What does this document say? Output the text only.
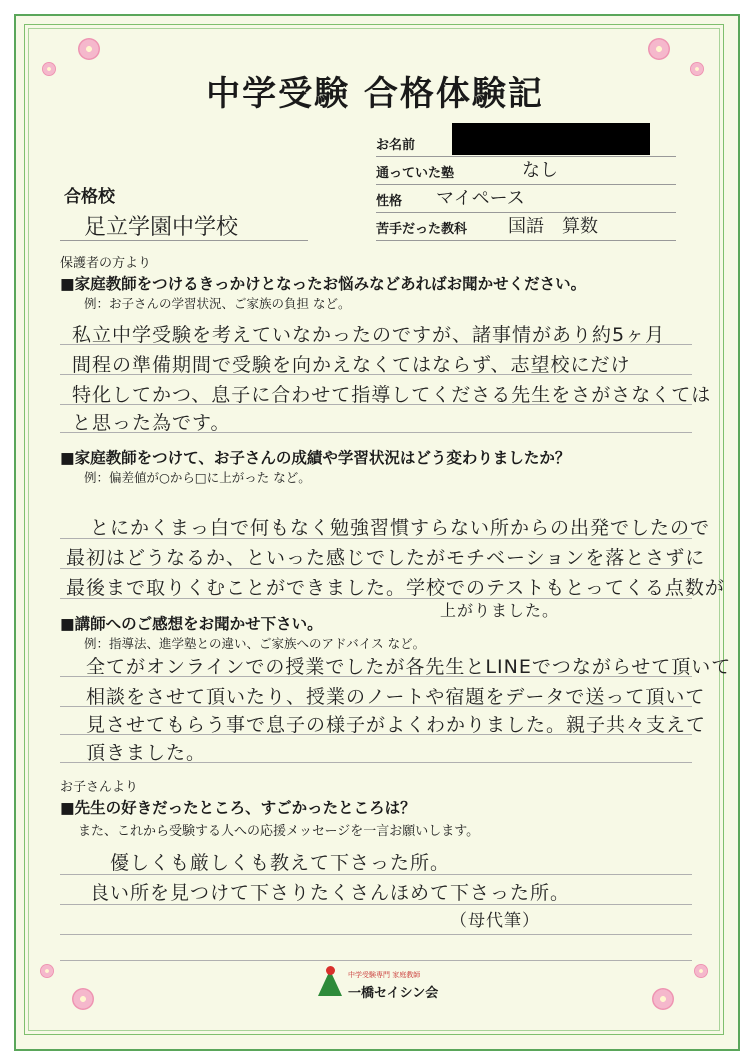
中学受験 合格体験記
お名前
通っていた塾	なし
性格 マイペース
苦手だった教科 国語　算数
合格校
足立学園中学校
保護者の方より
■家庭教師をつけるきっかけとなったお悩みなどあればお聞かせください。
例：お子さんの学習状況、ご家族の負担 など。
私立中学受験を考えていなかったのですが、諸事情があり約5ヶ月
間程の準備期間で受験を向かえなくてはならず、志望校にだけ
特化してかつ、息子に合わせて指導してくださる先生をさがさなくては
と思った為です。
■家庭教師をつけて、お子さんの成績や学習状況はどう変わりましたか？
例：偏差値が○から□に上がった など。
とにかくまっ白で何もなく勉強習慣すらない所からの出発でしたので
最初はどうなるか、といった感じでしたがモチベーションを落とさずに
最後まで取りくむことができました。学校でのテストもとってくる点数が
上がりました。
■講師へのご感想をお聞かせ下さい。
例：指導法、進学塾との違い、ご家族へのアドバイス など。
全てがオンラインでの授業でしたが各先生とLINEでつながらせて頂いて
相談をさせて頂いたり、授業のノートや宿題をデータで送って頂いて
見させてもらう事で息子の様子がよくわかりました。親子共々支えて
頂きました。
お子さんより
■先生の好きだったところ、すごかったところは？
また、これから受験する人への応援メッセージを一言お願いします。
優しくも厳しくも教えて下さった所。
良い所を見つけて下さりたくさんほめて下さった所。
（母代筆）
中学受験専門 家庭教師
一橋セイシン会
